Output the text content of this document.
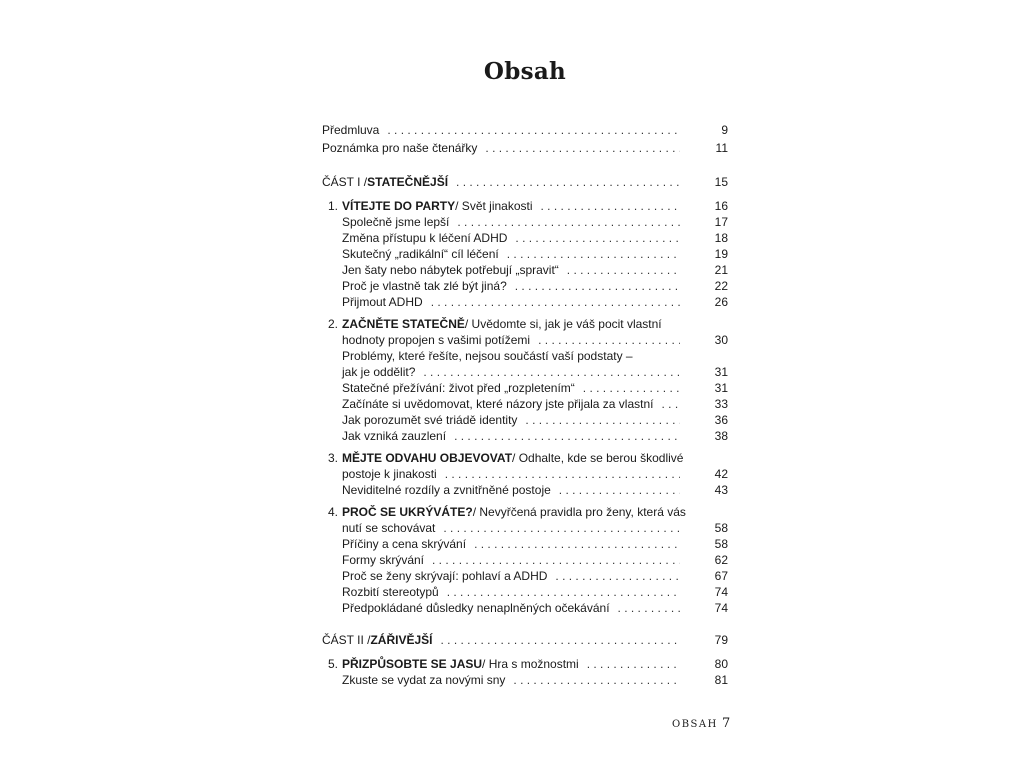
Obsah
Předmluva . . .	9
Poznámka pro naše čtenářky . . .	11
ČÁST I / STATEČNĚJŠÍ . . .	15
1. VÍTEJTE DO PARTY / Svět jinakosti . . .	16
Společně jsme lepší . . .	17
Změna přístupu k léčení ADHD . . .	18
Skutečný „radikální“ cíl léčení . . .	19
Jen šaty nebo nábytek potřebují „spravit“ . . .	21
Proč je vlastně tak zlé být jiná? . . .	22
Přijmout ADHD . . .	26
2. ZAČNĚTE STATEČNĚ / Uvědomte si, jak je váš pocit vlastní
hodnoty propojen s vašimi potížemi . . .	30
Problémy, které řešíte, nejsou součástí vaší podstaty –
jak je oddělit? . . .	31
Statečné přežívání: život před „rozpletením“ . . .	31
Začínáte si uvědomovat, které názory jste přijala za vlastní . . .	33
Jak porozumět své triádě identity . . .	36
Jak vzniká zauzlení . . .	38
3. MĚJTE ODVAHU OBJEVOVAT / Odhalte, kde se berou škodlivé
postoje k jinakosti . . .	42
Neviditelné rozdíly a zvnitřněné postoje . . .	43
4. PROČ SE UKRÝVÁTE? / Nevyřčená pravidla pro ženy, která vás
nutí se schovávat . . .	58
Příčiny a cena skrývání . . .	58
Formy skrývání . . .	62
Proč se ženy skrývají: pohlaví a ADHD . . .	67
Rozbití stereotypů . . .	74
Předpokládané důsledky nenaplněných očekávání . . .	74
ČÁST II / ZÁŘIVĚJŠÍ . . .	79
5. PŘIZPŮSOBTE SE JASU / Hra s možnostmi . . .	80
Zkuste se vydat za novými sny . . .	81
OBSAH 7
